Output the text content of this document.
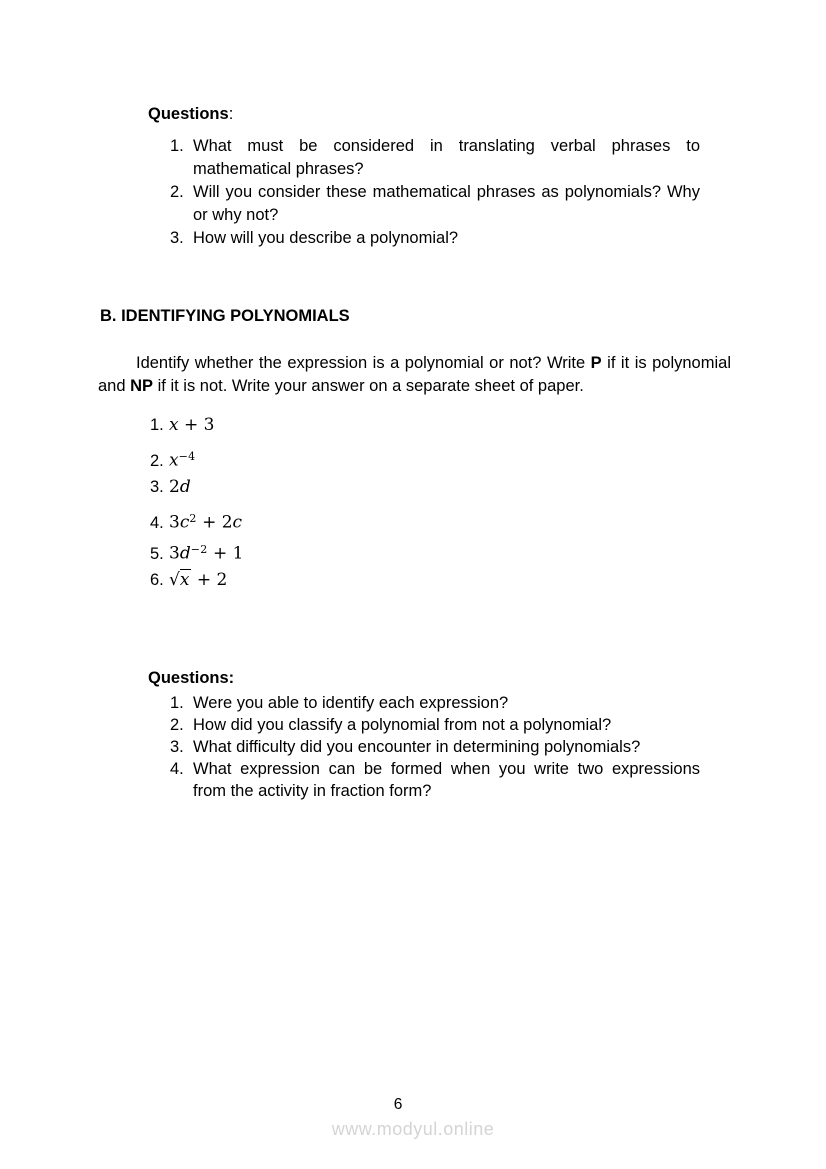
Questions:
1. What must be considered in translating verbal phrases to mathematical phrases?
2. Will you consider these mathematical phrases as polynomials? Why or why not?
3. How will you describe a polynomial?
B. IDENTIFYING POLYNOMIALS

Identify whether the expression is a polynomial or not? Write P if it is polynomial and NP if it is not. Write your answer on a separate sheet of paper.

1. x + 3
2. $x^{-4}$
3. 2d
4. $3c^2 + 2c$
5. $3d^{-2} + 1$
6. √x + 2
Questions:
1. Were you able to identify each expression?
2. How did you classify a polynomial from not a polynomial?
3. What difficulty did you encounter in determining polynomials?
4. What expression can be formed when you write two expressions from the activity in fraction form?
6
www.modyul.online
